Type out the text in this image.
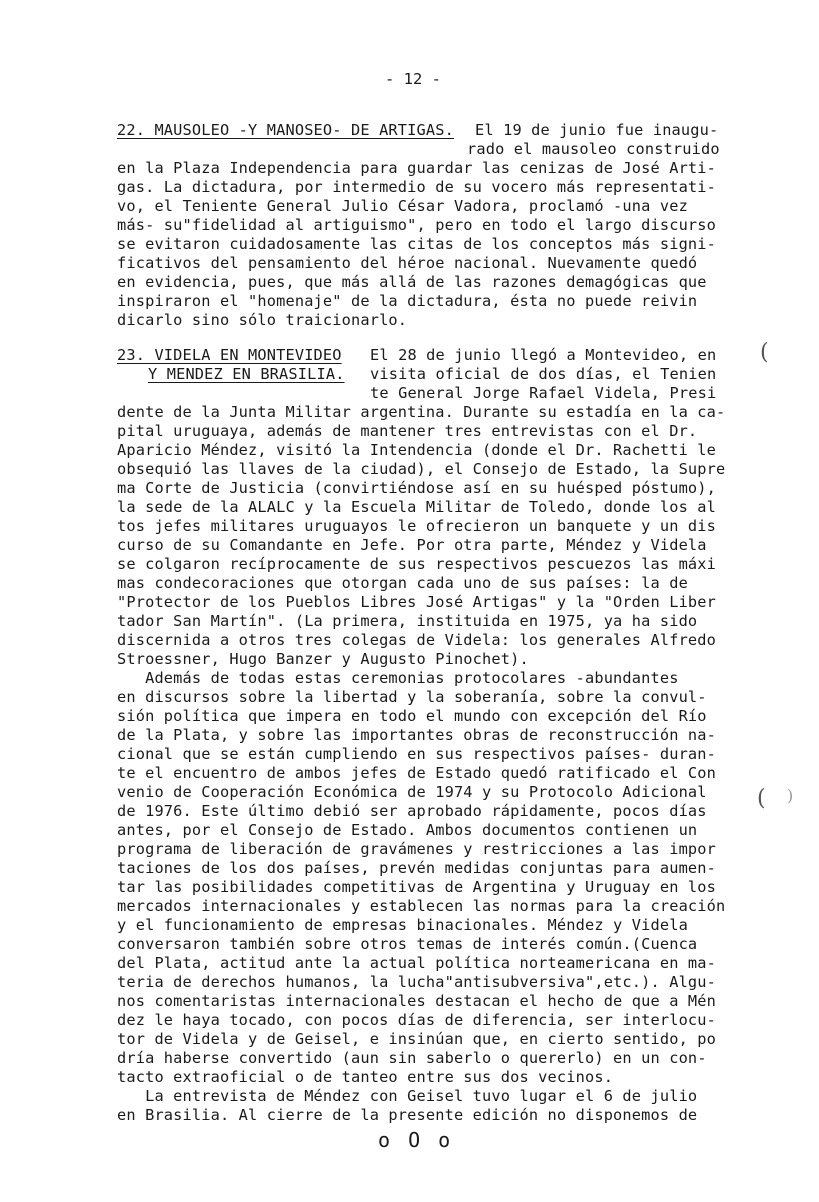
- 12 -
22. MAUSOLEO -Y MANOSEO- DE ARTIGAS. El 19 de junio fue inaugu-
rado el mausoleo construido
en la Plaza Independencia para guardar las cenizas de José Arti-
gas. La dictadura, por intermedio de su vocero más representati-
vo, el Teniente General Julio César Vadora, proclamó -una vez
más- su"fidelidad al artiguismo", pero en todo el largo discurso
se evitaron cuidadosamente las citas de los conceptos más signi-
ficativos del pensamiento del héroe nacional. Nuevamente quedó
en evidencia, pues, que más allá de las razones demagógicas que
inspiraron el "homenaje" de la dictadura, ésta no puede reivin
dicarlo sino sólo traicionarlo.
23. VIDELA EN MONTEVIDEO
Y MENDEZ EN BRASILIA.
El 28 de junio llegó a Montevideo, en
visita oficial de dos días, el Tenien
te General Jorge Rafael Videla, Presi
dente de la Junta Militar argentina. Durante su estadía en la ca-
pital uruguaya, además de mantener tres entrevistas con el Dr.
Aparicio Méndez, visitó la Intendencia (donde el Dr. Rachetti le
obsequió las llaves de la ciudad), el Consejo de Estado, la Supre
ma Corte de Justicia (convirtiéndose así en su huésped póstumo),
la sede de la ALALC y la Escuela Militar de Toledo, donde los al
tos jefes militares uruguayos le ofrecieron un banquete y un dis
curso de su Comandante en Jefe. Por otra parte, Méndez y Videla
se colgaron recíprocamente de sus respectivos pescuezos las máxi
mas condecoraciones que otorgan cada uno de sus países: la de
"Protector de los Pueblos Libres José Artigas" y la "Orden Liber
tador San Martín". (La primera, instituida en 1975, ya ha sido
discernida a otros tres colegas de Videla: los generales Alfredo
Stroessner, Hugo Banzer y Augusto Pinochet).
Además de todas estas ceremonias protocolares -abundantes
en discursos sobre la libertad y la soberanía, sobre la convul-
sión política que impera en todo el mundo con excepción del Río
de la Plata, y sobre las importantes obras de reconstrucción na-
cional que se están cumpliendo en sus respectivos países- duran-
te el encuentro de ambos jefes de Estado quedó ratificado el Con
venio de Cooperación Económica de 1974 y su Protocolo Adicional
de 1976. Este último debió ser aprobado rápidamente, pocos días
antes, por el Consejo de Estado. Ambos documentos contienen un
programa de liberación de gravámenes y restricciones a las impor
taciones de los dos países, prevén medidas conjuntas para aumen-
tar las posibilidades competitivas de Argentina y Uruguay en los
mercados internacionales y establecen las normas para la creación
y el funcionamiento de empresas binacionales. Méndez y Videla
conversaron también sobre otros temas de interés común.(Cuenca
del Plata, actitud ante la actual política norteamericana en ma-
teria de derechos humanos, la lucha"antisubversiva",etc.). Algu-
nos comentaristas internacionales destacan el hecho de que a Mén
dez le haya tocado, con pocos días de diferencia, ser interlocu-
tor de Videla y de Geisel, e insinúan que, en cierto sentido, po
dría haberse convertido (aun sin saberlo o quererlo) en un con-
tacto extraoficial o de tanteo entre sus dos vecinos.
La entrevista de Méndez con Geisel tuvo lugar el 6 de julio
en Brasilia. Al cierre de la presente edición no disponemos de
(
( )
o O o
